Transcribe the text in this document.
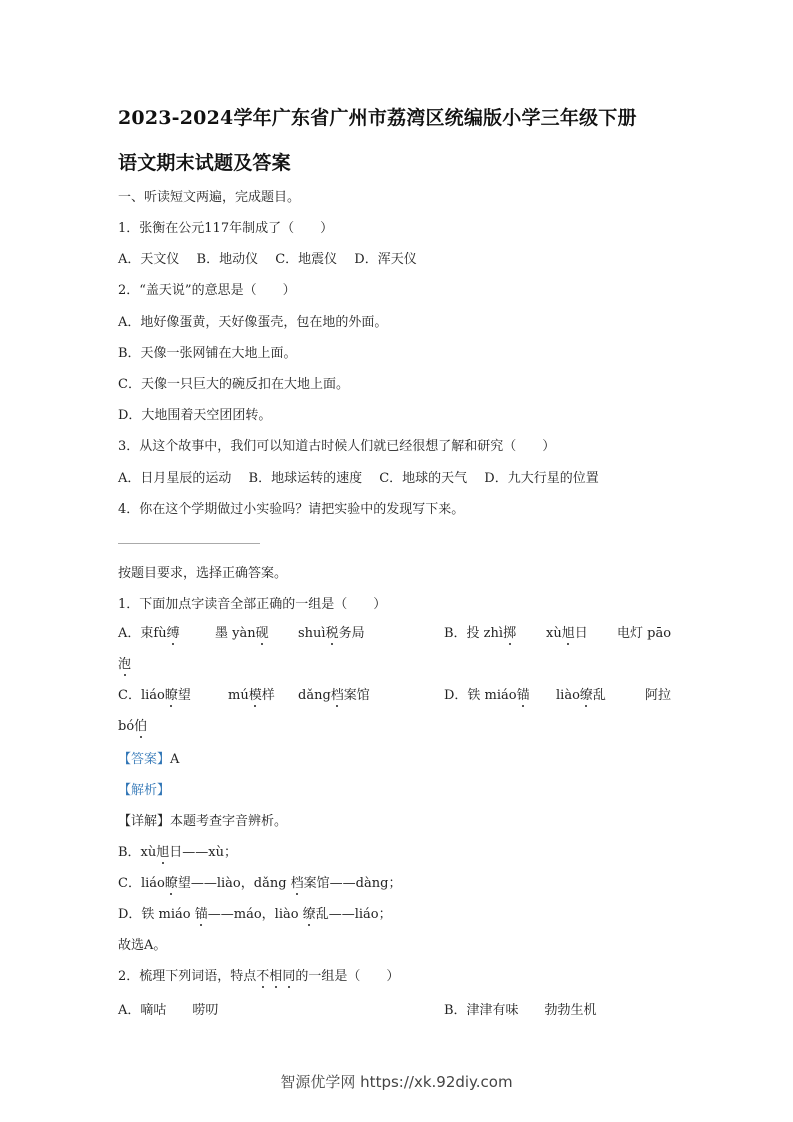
2023-2024学年广东省广州市荔湾区统编版小学三年级下册
语文期末试题及答案
一、听读短文两遍，完成题目。
1．张衡在公元117年制成了（　　）
A．天文仪　 B．地动仪　 C．地震仪　 D．浑天仪
2．“盖天说”的意思是（　　）
A．地好像蛋黄，天好像蛋壳，包在地的外面。
B．天像一张网铺在大地上面。
C．天像一只巨大的碗反扣在大地上面。
D．大地围着天空团团转。
3．从这个故事中，我们可以知道古时候人们就已经很想了解和研究（　　）
A．日月星辰的运动　 B．地球运转的速度　 C．地球的天气　 D．九大行星的位置
4．你在这个学期做过小实验吗？请把实验中的发现写下来。
按题目要求，选择正确答案。
1．下面加点字读音全部正确的一组是（　　）
A．束fù缚	墨 yàn砚 shuì税务局	B．投 zhì掷 xù旭日 电灯 pāo
泡
C．liáo瞭望	mú模样 dǎng档案馆	D．铁 miáo锚 liào缭乱	阿拉
bó伯
【答案】A
【解析】
【详解】本题考查字音辨析。
B．xù旭日——xù；
C．liáo瞭望——liào，dǎng 档案馆——dàng；
D．铁 miáo 锚——máo，liào 缭乱——liáo；
故选A。
2．梳理下列词语，特点不相同的一组是（　　）
A．嘀咕　　唠叨	B．津津有味　　勃勃生机
智源优学网 https://xk.92diy.com
